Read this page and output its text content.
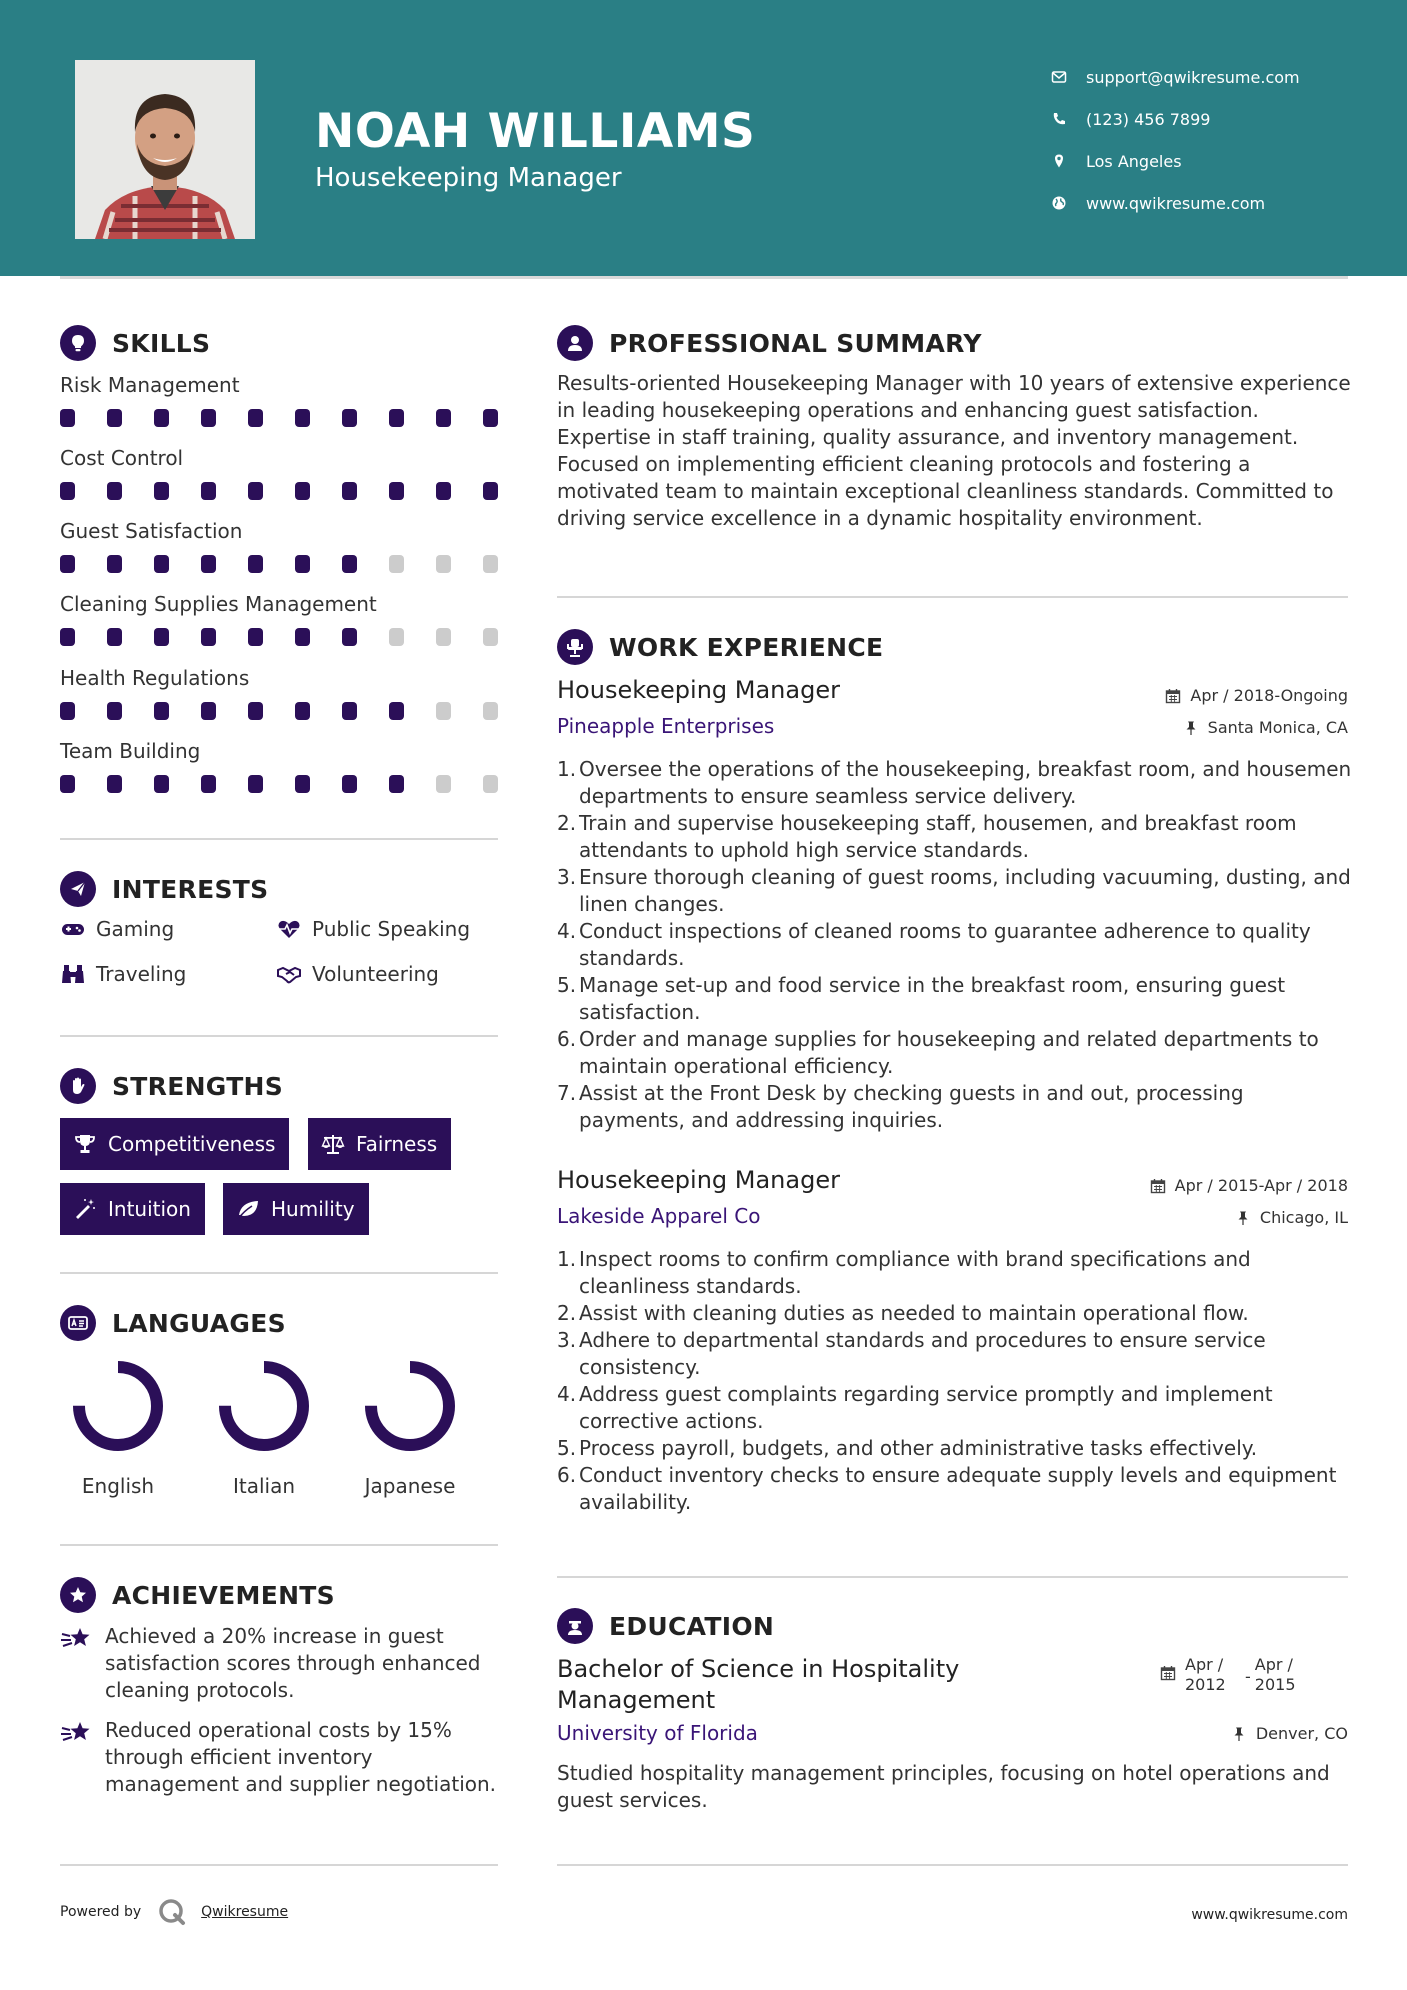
NOAH WILLIAMS
Housekeeping Manager
support@qwikresume.com
(123) 456 7899
Los Angeles
www.qwikresume.com
SKILLS
Risk Management
Cost Control
Guest Satisfaction
Cleaning Supplies Management
Health Regulations
Team Building
INTERESTS
Gaming	Public Speaking
Traveling	Volunteering
STRENGTHS
Competitiveness	Fairness
Intuition	Humility
LANGUAGES
English	Italian	Japanese
ACHIEVEMENTS
Achieved a 20% increase in guest satisfaction scores through enhanced cleaning protocols.
Reduced operational costs by 15% through efficient inventory management and supplier negotiation.
PROFESSIONAL SUMMARY
Results-oriented Housekeeping Manager with 10 years of extensive experience in leading housekeeping operations and enhancing guest satisfaction. Expertise in staff training, quality assurance, and inventory management. Focused on implementing efficient cleaning protocols and fostering a motivated team to maintain exceptional cleanliness standards. Committed to driving service excellence in a dynamic hospitality environment.
WORK EXPERIENCE
Housekeeping Manager	Apr / 2018-Ongoing
Pineapple Enterprises	Santa Monica, CA
1. Oversee the operations of the housekeeping, breakfast room, and housemen departments to ensure seamless service delivery.
2. Train and supervise housekeeping staff, housemen, and breakfast room attendants to uphold high service standards.
3. Ensure thorough cleaning of guest rooms, including vacuuming, dusting, and linen changes.
4. Conduct inspections of cleaned rooms to guarantee adherence to quality standards.
5. Manage set-up and food service in the breakfast room, ensuring guest satisfaction.
6. Order and manage supplies for housekeeping and related departments to maintain operational efficiency.
7. Assist at the Front Desk by checking guests in and out, processing payments, and addressing inquiries.
Housekeeping Manager	Apr / 2015-Apr / 2018
Lakeside Apparel Co	Chicago, IL
1. Inspect rooms to confirm compliance with brand specifications and cleanliness standards.
2. Assist with cleaning duties as needed to maintain operational flow.
3. Adhere to departmental standards and procedures to ensure service consistency.
4. Address guest complaints regarding service promptly and implement corrective actions.
5. Process payroll, budgets, and other administrative tasks effectively.
6. Conduct inventory checks to ensure adequate supply levels and equipment availability.
EDUCATION
Bachelor of Science in Hospitality
Management
Apr /
2012	-
Apr /
2015
University of Florida	Denver, CO
Studied hospitality management principles, focusing on hotel operations and guest services.
Powered by	Qwikresume	www.qwikresume.com
